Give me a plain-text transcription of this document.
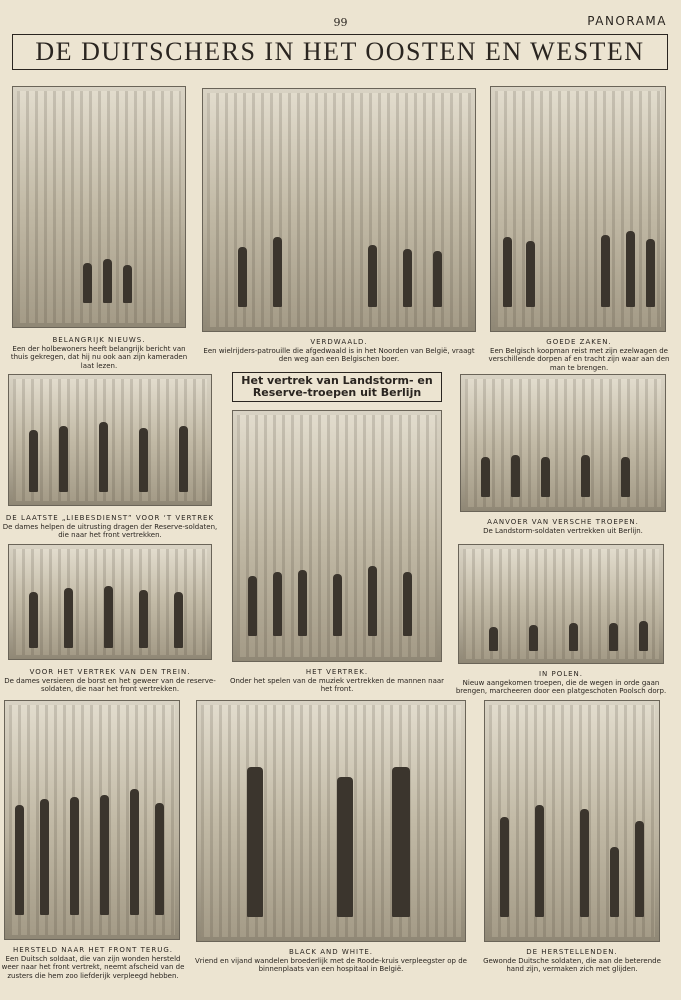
99	PANORAMA
DE DUITSCHERS IN HET OOSTEN EN WESTEN
BELANGRIJK NIEUWS.
Een der holbewoners heeft belangrijk bericht van thuis gekregen, dat hij nu ook aan zijn kameraden laat lezen.
VERDWAALD.
Een wielrijders-patrouille die afgedwaald is in het Noorden van België, vraagt den weg aan een Belgischen boer.
GOEDE ZAKEN.
Een Belgisch koopman reist met zijn ezelwagen de verschillende dorpen af en tracht zijn waar aan den man te brengen.
Het vertrek van Landstorm- en
Reserve-troepen uit Berlijn
DE LAATSTE „LIEBESDIENST” VOOR ‘T VERTREK
De dames helpen de uitrusting dragen der Reserve-soldaten, die naar het front vertrekken.
HET VERTREK.
Onder het spelen van de muziek vertrekken de mannen naar het front.
AANVOER VAN VERSCHE TROEPEN.
De Landstorm-soldaten vertrekken uit Berlijn.
VOOR HET VERTREK VAN DEN TREIN.
De dames versieren de borst en het geweer van de reserve-soldaten, die naar het front vertrekken.
IN POLEN.
Nieuw aangekomen troepen, die de wegen in orde gaan brengen, marcheeren door een platgeschoten Poolsch dorp.
HERSTELD NAAR HET FRONT TERUG.
Een Duitsch soldaat, die van zijn wonden hersteld weer naar het front vertrekt, neemt afscheid van de zusters die hem zoo liefderijk verpleegd hebben.
BLACK AND WHITE.
Vriend en vijand wandelen broederlijk met de Roode-kruis verpleegster op de binnenplaats van een hospitaal in België.
DE HERSTELLENDEN.
Gewonde Duitsche soldaten, die aan de beterende hand zijn, vermaken zich met glijden.
